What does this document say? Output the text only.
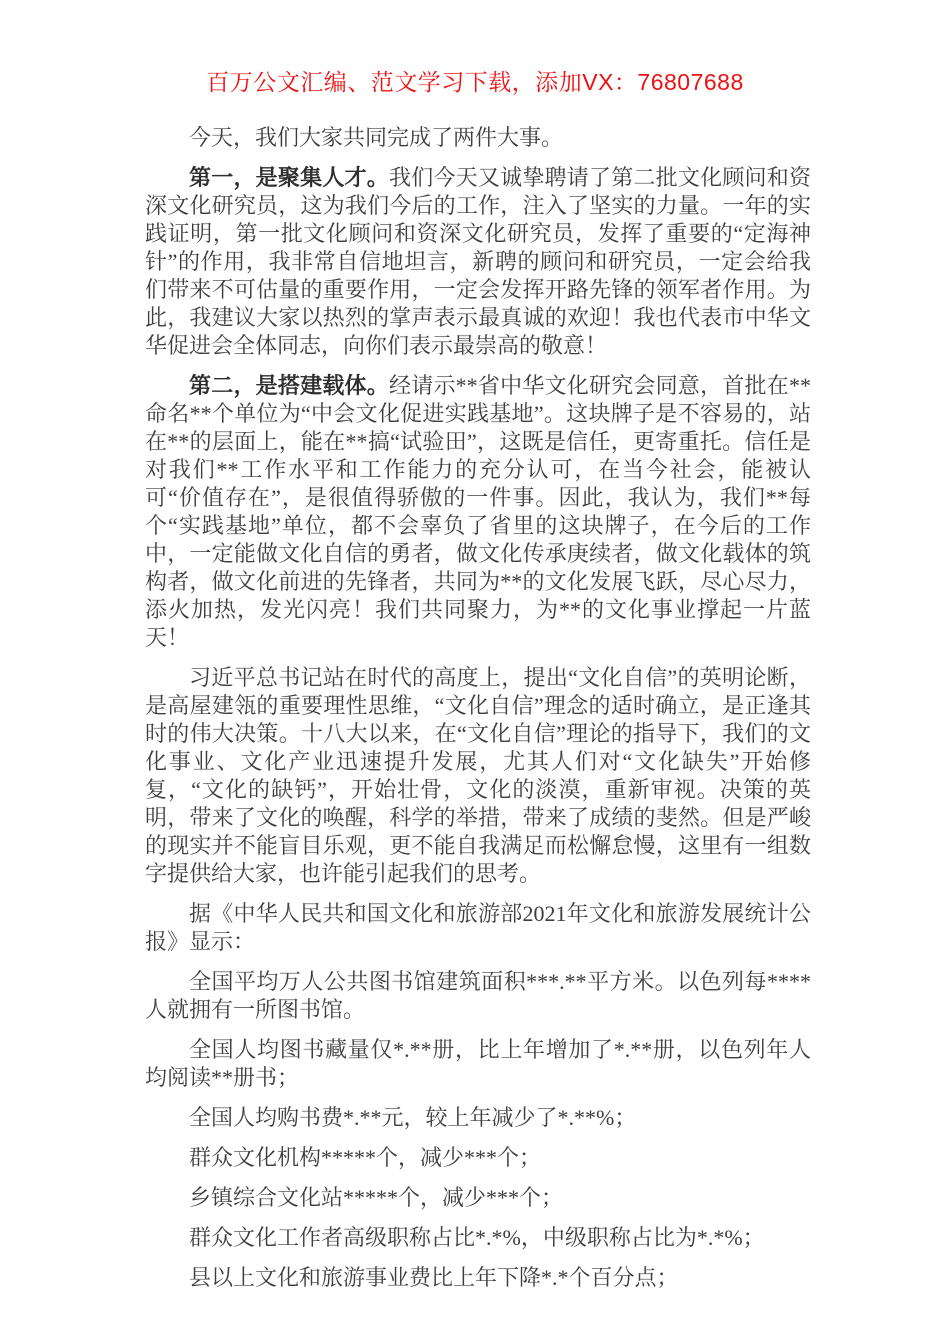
百万公文汇编、范文学习下载，添加VX：76807688

今天，我们大家共同完成了两件大事。

第一，是聚集人才。我们今天又诚挚聘请了第二批文化顾问和资深文化研究员，这为我们今后的工作，注入了坚实的力量。一年的实践证明，第一批文化顾问和资深文化研究员，发挥了重要的“定海神针”的作用，我非常自信地坦言，新聘的顾问和研究员，一定会给我们带来不可估量的重要作用，一定会发挥开路先锋的领军者作用。为此，我建议大家以热烈的掌声表示最真诚的欢迎！我也代表市中华文华促进会全体同志，向你们表示最崇高的敬意！

第二，是搭建载体。经请示**省中华文化研究会同意，首批在**命名**个单位为“中会文化促进实践基地”。这块牌子是不容易的，站在**的层面上，能在**搞“试验田”，这既是信任，更寄重托。信任是对我们**工作水平和工作能力的充分认可，在当今社会，能被认可“价值存在”，是很值得骄傲的一件事。因此，我认为，我们**每个“实践基地”单位，都不会辜负了省里的这块牌子，在今后的工作中，一定能做文化自信的勇者，做文化传承庚续者，做文化载体的筑构者，做文化前进的先锋者，共同为**的文化发展飞跃，尽心尽力，添火加热，发光闪亮！我们共同聚力，为**的文化事业撑起一片蓝天！

习近平总书记站在时代的高度上，提出“文化自信”的英明论断，是高屋建瓴的重要理性思维，“文化自信”理念的适时确立，是正逢其时的伟大决策。十八大以来，在“文化自信”理论的指导下，我们的文化事业、文化产业迅速提升发展，尤其人们对“文化缺失”开始修复，“文化的缺钙”，开始壮骨，文化的淡漠，重新审视。决策的英明，带来了文化的唤醒，科学的举措，带来了成绩的斐然。但是严峻的现实并不能盲目乐观，更不能自我满足而松懈怠慢，这里有一组数字提供给大家，也许能引起我们的思考。

据《中华人民共和国文化和旅游部2021年文化和旅游发展统计公报》显示：

全国平均万人公共图书馆建筑面积***.**平方米。以色列每****人就拥有一所图书馆。

全国人均图书藏量仅*.**册，比上年增加了*.**册，以色列年人均阅读**册书；

全国人均购书费*.**元，较上年减少了*.**%；

群众文化机构*****个，减少***个；

乡镇综合文化站*****个，减少***个；

群众文化工作者高级职称占比*.*%，中级职称占比为*.*%；

县以上文化和旅游事业费比上年下降*.*个百分点；
